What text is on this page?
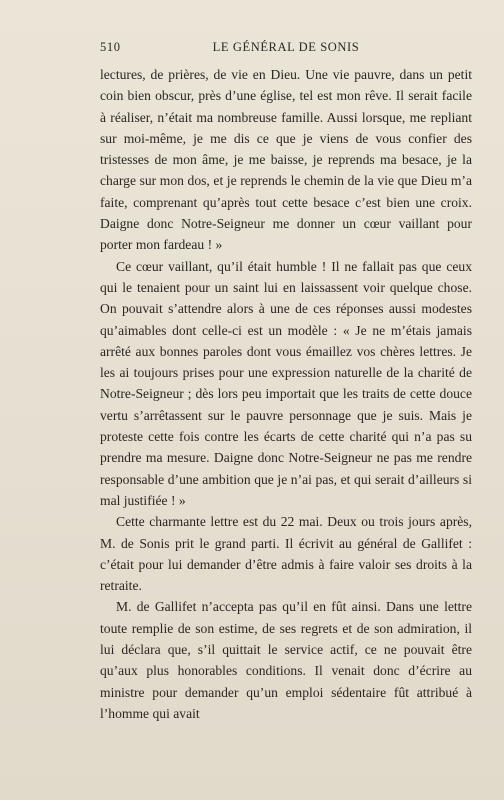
510	LE GÉNÉRAL DE SONIS

lectures, de prières, de vie en Dieu. Une vie pauvre, dans un petit coin bien obscur, près d’une église, tel est mon rêve. Il serait facile à réaliser, n’était ma nombreuse famille. Aussi lorsque, me repliant sur moi-même, je me dis ce que je viens de vous confier des tristesses de mon âme, je me baisse, je reprends ma besace, je la charge sur mon dos, et je reprends le chemin de la vie que Dieu m’a faite, comprenant qu’après tout cette besace c’est bien une croix. Daigne donc Notre-Seigneur me donner un cœur vaillant pour porter mon fardeau ! »

Ce cœur vaillant, qu’il était humble ! Il ne fallait pas que ceux qui le tenaient pour un saint lui en laissassent voir quelque chose. On pouvait s’attendre alors à une de ces réponses aussi modestes qu’aimables dont celle-ci est un modèle : « Je ne m’étais jamais arrêté aux bonnes paroles dont vous émaillez vos chères lettres. Je les ai toujours prises pour une expression naturelle de la charité de Notre-Seigneur ; dès lors peu importait que les traits de cette douce vertu s’arrêtassent sur le pauvre personnage que je suis. Mais je proteste cette fois contre les écarts de cette charité qui n’a pas su prendre ma mesure. Daigne donc Notre-Seigneur ne pas me rendre responsable d’une ambition que je n’ai pas, et qui serait d’ailleurs si mal justifiée ! »

Cette charmante lettre est du 22 mai. Deux ou trois jours après, M. de Sonis prit le grand parti. Il écrivit au général de Gallifet : c’était pour lui demander d’être admis à faire valoir ses droits à la retraite.

M. de Gallifet n’accepta pas qu’il en fût ainsi. Dans une lettre toute remplie de son estime, de ses regrets et de son admiration, il lui déclara que, s’il quittait le service actif, ce ne pouvait être qu’aux plus honorables conditions. Il venait donc d’écrire au ministre pour demander qu’un emploi sédentaire fût attribué à l’homme qui avait
